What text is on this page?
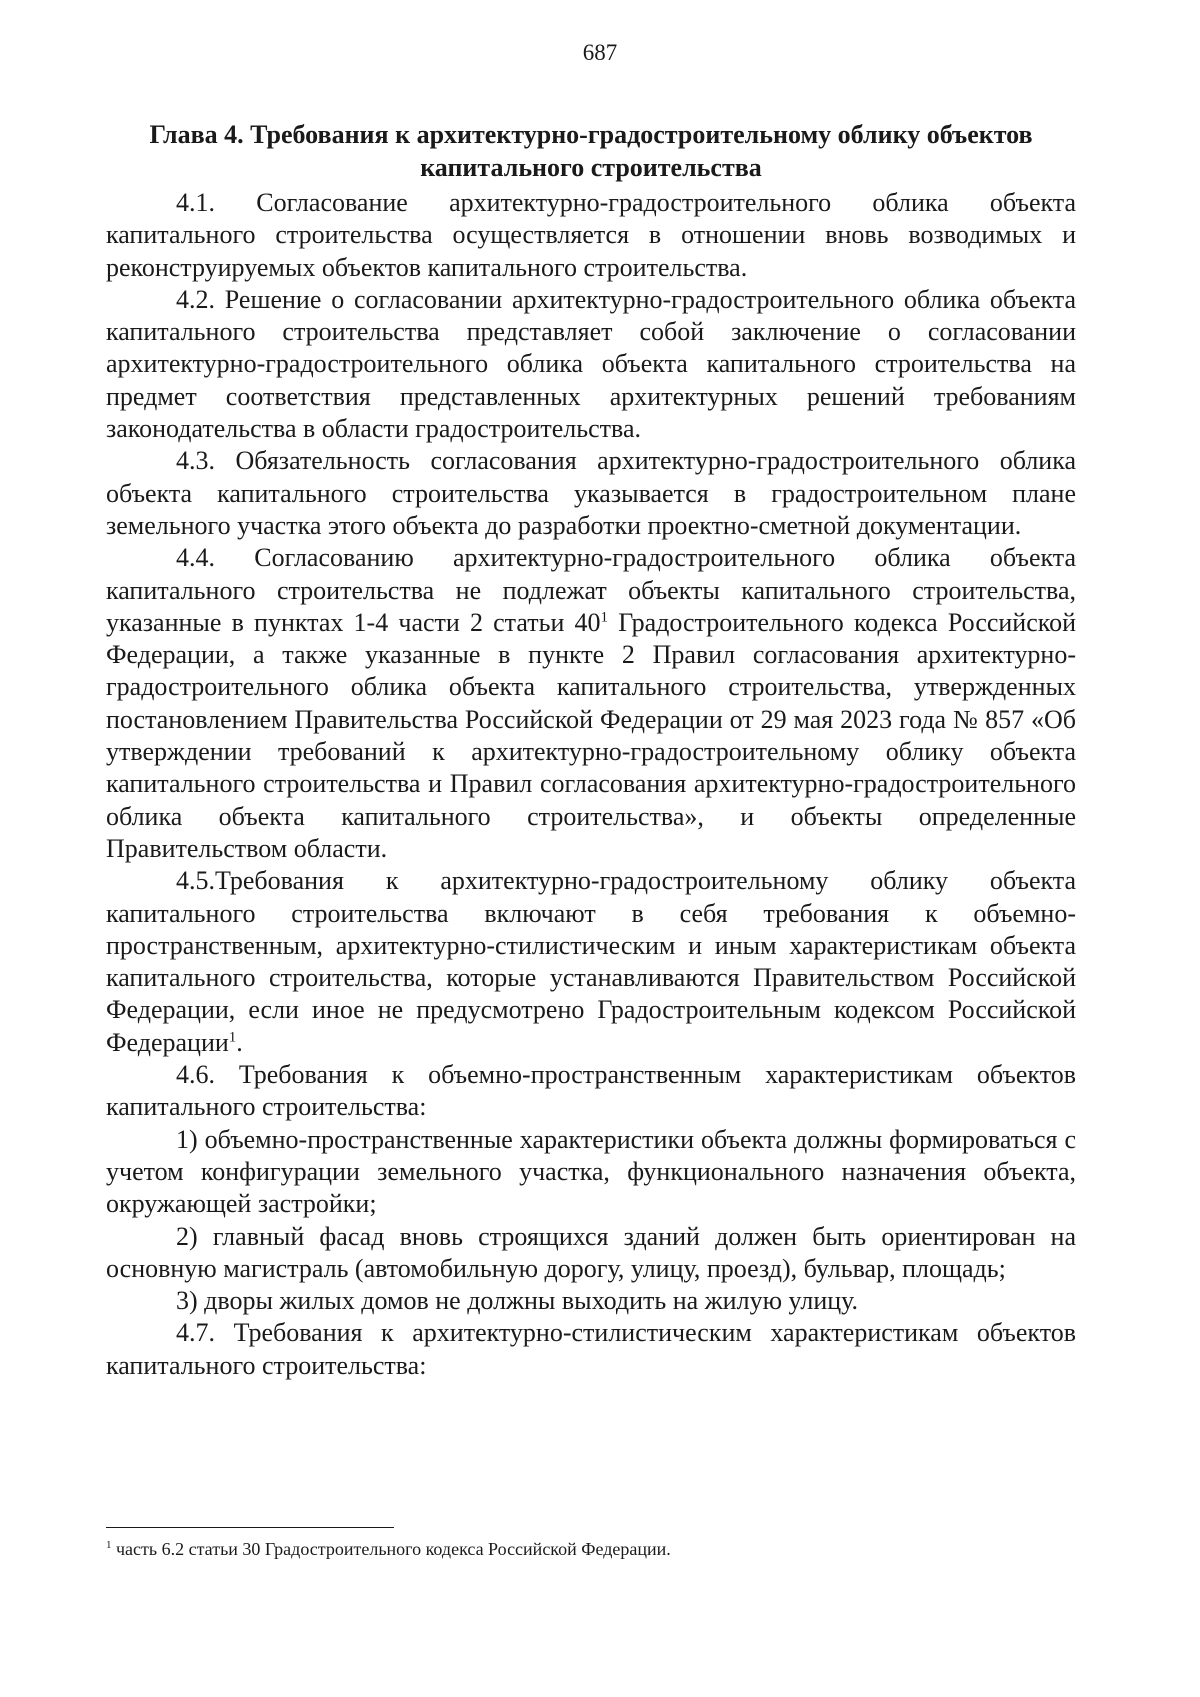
687
Глава 4. Требования к архитектурно-градостроительному облику объектов
капитального строительства

4.1. Согласование архитектурно-градостроительного облика объекта капитального строительства осуществляется в отношении вновь возводимых и реконструируемых объектов капитального строительства.

4.2. Решение о согласовании архитектурно-градостроительного облика объекта капитального строительства представляет собой заключение о согласовании архитектурно-градостроительного облика объекта капитального строительства на предмет соответствия представленных архитектурных решений требованиям законодательства в области градостроительства.

4.3. Обязательность согласования архитектурно-градостроительного облика объекта капитального строительства указывается в градостроительном плане земельного участка этого объекта до разработки проектно-сметной документации.

4.4. Согласованию архитектурно-градостроительного облика объекта капитального строительства не подлежат объекты капитального строительства, указанные в пунктах 1-4 части 2 статьи $40^1$ Градостроительного кодекса Российской Федерации, а также указанные в пункте 2 Правил согласования архитектурно-градостроительного облика объекта капитального строительства, утвержденных постановлением Правительства Российской Федерации от 29 мая 2023 года № 857 «Об утверждении требований к архитектурно-градостроительному облику объекта капитального строительства и Правил согласования архитектурно-градостроительного облика объекта капитального строительства», и объекты определенные Правительством области.

4.5.Требования к архитектурно-градостроительному облику объекта капитального строительства включают в себя требования к объемно-пространственным, архитектурно-стилистическим и иным характеристикам объекта капитального строительства, которые устанавливаются Правительством Российской Федерации, если иное не предусмотрено Градостроительным кодексом Российской Федерации$^1$.

4.6. Требования к объемно-пространственным характеристикам объектов капитального строительства:

1) объемно-пространственные характеристики объекта должны формироваться с учетом конфигурации земельного участка, функционального назначения объекта, окружающей застройки;

2) главный фасад вновь строящихся зданий должен быть ориентирован на основную магистраль (автомобильную дорогу, улицу, проезд), бульвар, площадь;

3) дворы жилых домов не должны выходить на жилую улицу.

4.7. Требования к архитектурно-стилистическим характеристикам объектов капитального строительства:

$^1$ часть 6.2 статьи 30 Градостроительного кодекса Российской Федерации.
